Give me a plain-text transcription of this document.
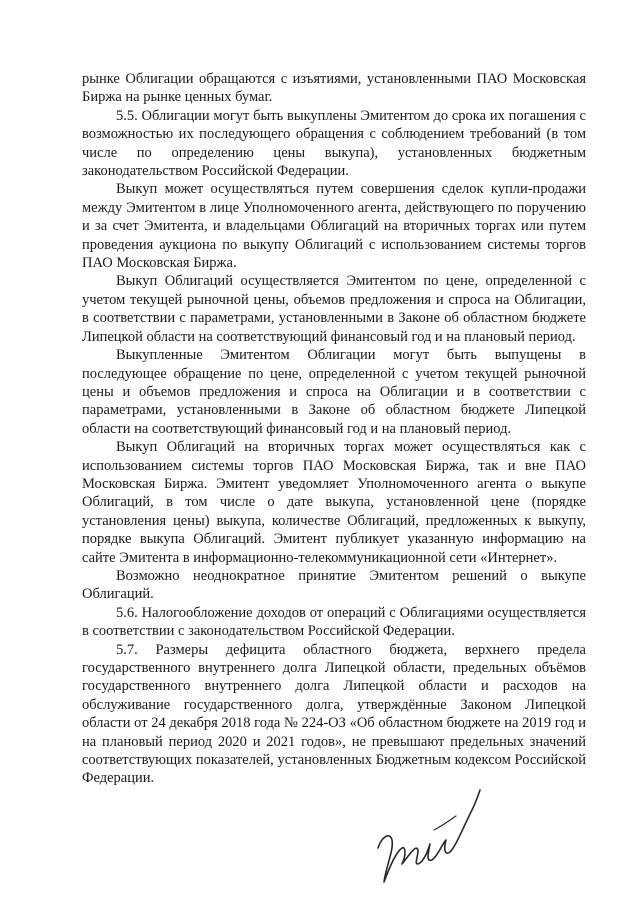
рынке Облигации обращаются с изъятиями, установленными ПАО Московская Биржа на рынке ценных бумаг.

5.5. Облигации могут быть выкуплены Эмитентом до срока их погашения с возможностью их последующего обращения с соблюдением требований (в том числе по определению цены выкупа), установленных бюджетным законодательством Российской Федерации.

Выкуп может осуществляться путем совершения сделок купли-продажи между Эмитентом в лице Уполномоченного агента, действующего по поручению и за счет Эмитента, и владельцами Облигаций на вторичных торгах или путем проведения аукциона по выкупу Облигаций с использованием системы торгов ПАО Московская Биржа.

Выкуп Облигаций осуществляется Эмитентом по цене, определенной с учетом текущей рыночной цены, объемов предложения и спроса на Облигации, в соответствии с параметрами, установленными в Законе об областном бюджете Липецкой области на соответствующий финансовый год и на плановый период.

Выкупленные Эмитентом Облигации могут быть выпущены в последующее обращение по цене, определенной с учетом текущей рыночной цены и объемов предложения и спроса на Облигации и в соответствии с параметрами, установленными в Законе об областном бюджете Липецкой области на соответствующий финансовый год и на плановый период.

Выкуп Облигаций на вторичных торгах может осуществляться как с использованием системы торгов ПАО Московская Биржа, так и вне ПАО Московская Биржа. Эмитент уведомляет Уполномоченного агента о выкупе Облигаций, в том числе о дате выкупа, установленной цене (порядке установления цены) выкупа, количестве Облигаций, предложенных к выкупу, порядке выкупа Облигаций. Эмитент публикует указанную информацию на сайте Эмитента в информационно-телекоммуникационной сети «Интернет».

Возможно неоднократное принятие Эмитентом решений о выкупе Облигаций.

5.6. Налогообложение доходов от операций с Облигациями осуществляется в соответствии с законодательством Российской Федерации.

5.7. Размеры дефицита областного бюджета, верхнего предела государственного внутреннего долга Липецкой области, предельных объёмов государственного внутреннего долга Липецкой области и расходов на обслуживание государственного долга, утверждённые Законом Липецкой области от 24 декабря 2018 года № 224-ОЗ «Об областном бюджете на 2019 год и на плановый период 2020 и 2021 годов», не превышают предельных значений соответствующих показателей, установленных Бюджетным кодексом Российской Федерации.
